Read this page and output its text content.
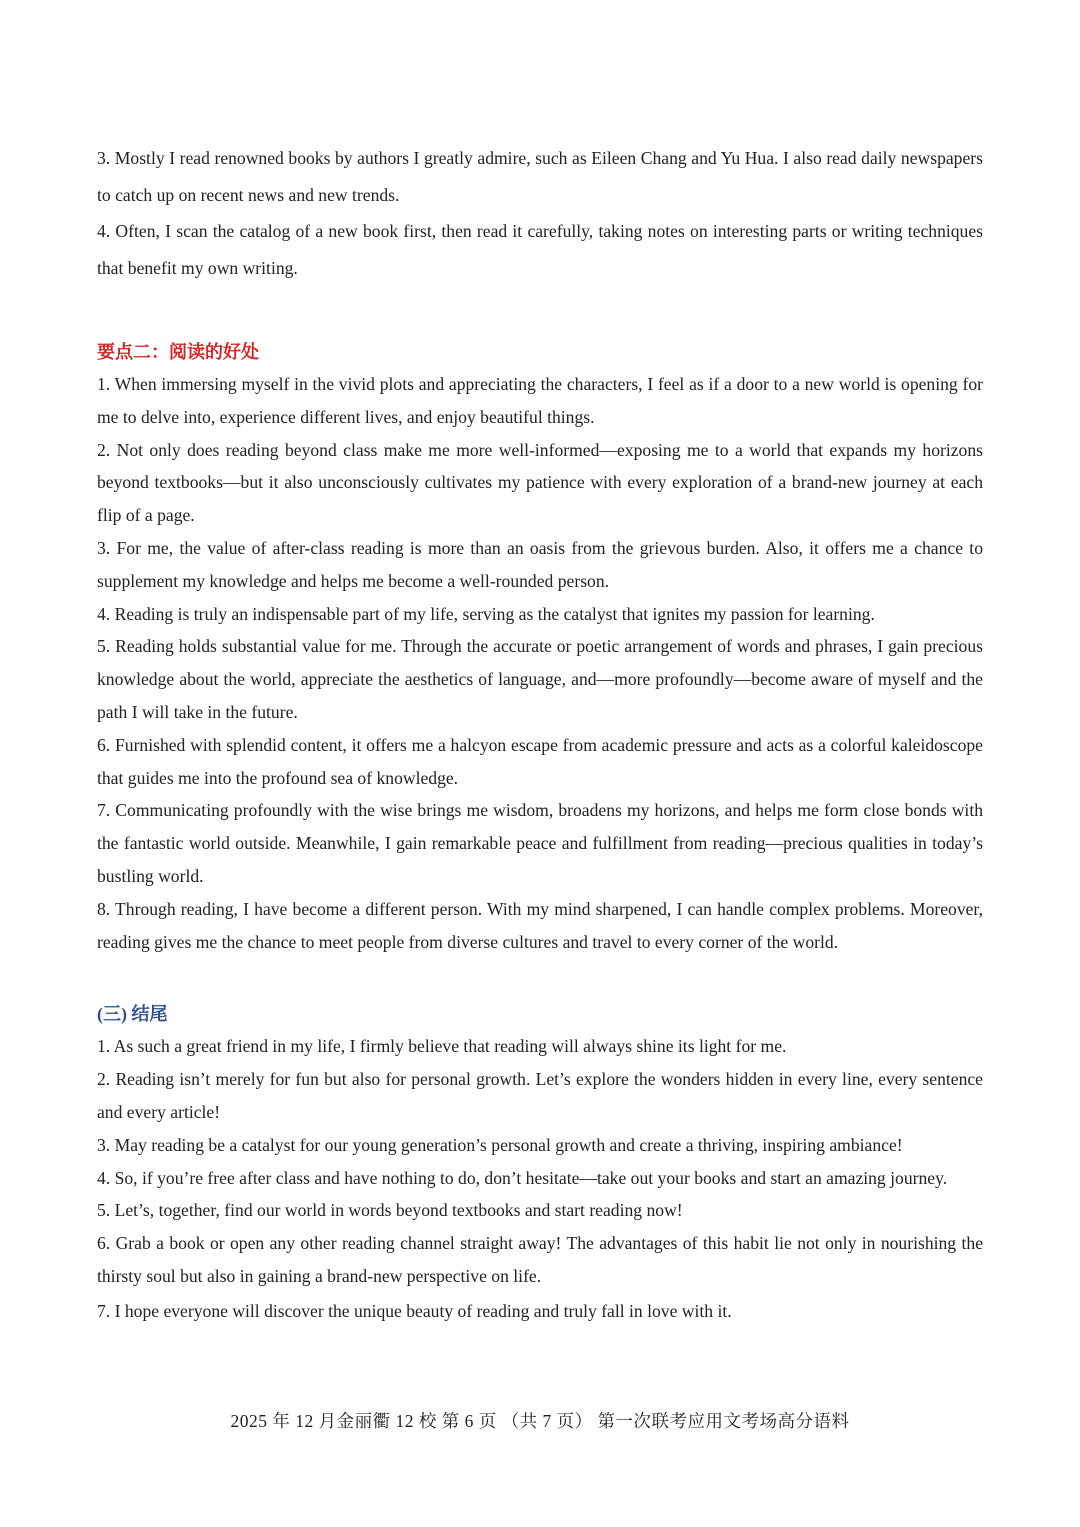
3. Mostly I read renowned books by authors I greatly admire, such as Eileen Chang and Yu Hua. I also read daily newspapers to catch up on recent news and new trends.

4. Often, I scan the catalog of a new book first, then read it carefully, taking notes on interesting parts or writing techniques that benefit my own writing.

要点二：阅读的好处

1. When immersing myself in the vivid plots and appreciating the characters, I feel as if a door to a new world is opening for me to delve into, experience different lives, and enjoy beautiful things.

2. Not only does reading beyond class make me more well-informed—exposing me to a world that expands my horizons beyond textbooks—but it also unconsciously cultivates my patience with every exploration of a brand-new journey at each flip of a page.

3. For me, the value of after-class reading is more than an oasis from the grievous burden. Also, it offers me a chance to supplement my knowledge and helps me become a well-rounded person.

4. Reading is truly an indispensable part of my life, serving as the catalyst that ignites my passion for learning.

5. Reading holds substantial value for me. Through the accurate or poetic arrangement of words and phrases, I gain precious knowledge about the world, appreciate the aesthetics of language, and—more profoundly—become aware of myself and the path I will take in the future.

6. Furnished with splendid content, it offers me a halcyon escape from academic pressure and acts as a colorful kaleidoscope that guides me into the profound sea of knowledge.

7. Communicating profoundly with the wise brings me wisdom, broadens my horizons, and helps me form close bonds with the fantastic world outside. Meanwhile, I gain remarkable peace and fulfillment from reading—precious qualities in today’s bustling world.

8. Through reading, I have become a different person. With my mind sharpened, I can handle complex problems. Moreover, reading gives me the chance to meet people from diverse cultures and travel to every corner of the world.

(三) 结尾

1. As such a great friend in my life, I firmly believe that reading will always shine its light for me.

2. Reading isn’t merely for fun but also for personal growth. Let’s explore the wonders hidden in every line, every sentence and every article!

3. May reading be a catalyst for our young generation’s personal growth and create a thriving, inspiring ambiance!

4. So, if you’re free after class and have nothing to do, don’t hesitate—take out your books and start an amazing journey.

5. Let’s, together, find our world in words beyond textbooks and start reading now!

6. Grab a book or open any other reading channel straight away! The advantages of this habit lie not only in nourishing the thirsty soul but also in gaining a brand-new perspective on life.

7. I hope everyone will discover the unique beauty of reading and truly fall in love with it.

2025 年 12 月金丽衢 12 校 第 6 页 （共 7 页） 第一次联考应用文考场高分语料
